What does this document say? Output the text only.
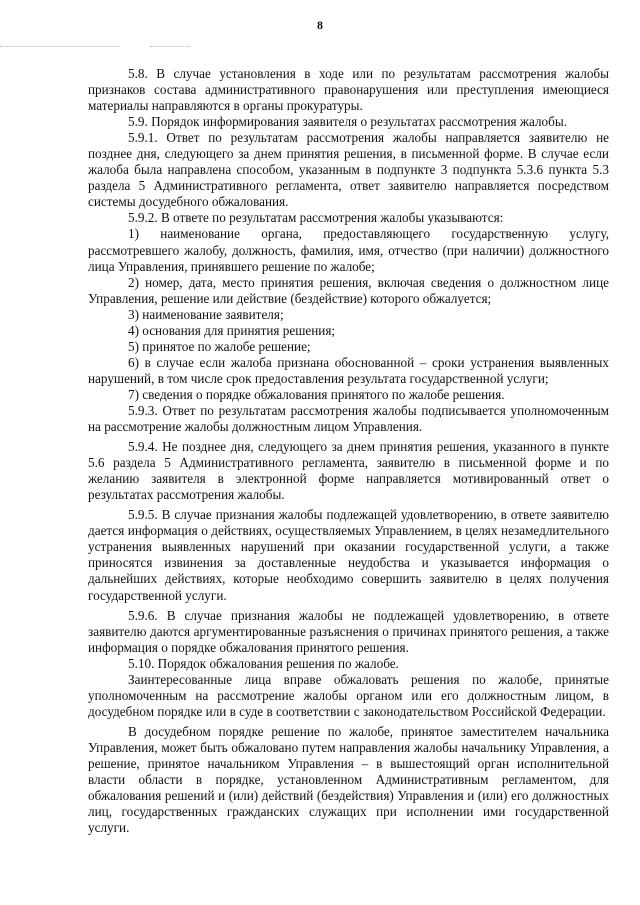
8

5.8. В случае установления в ходе или по результатам рассмотрения жалобы признаков состава административного правонарушения или преступления имеющиеся материалы направляются в органы прокуратуры.

5.9. Порядок информирования заявителя о результатах рассмотрения жалобы.

5.9.1. Ответ по результатам рассмотрения жалобы направляется заявителю не позднее дня, следующего за днем принятия решения, в письменной форме. В случае если жалоба была направлена способом, указанным в подпункте 3 подпункта 5.3.6 пункта 5.3 раздела 5 Административного регламента, ответ заявителю направляется посредством системы досудебного обжалования.

5.9.2. В ответе по результатам рассмотрения жалобы указываются:

1) наименование органа, предоставляющего государственную услугу, рассмотревшего жалобу, должность, фамилия, имя, отчество (при наличии) должностного лица Управления, принявшего решение по жалобе;

2) номер, дата, место принятия решения, включая сведения о должностном лице Управления, решение или действие (бездействие) которого обжалуется;

3) наименование заявителя;

4) основания для принятия решения;

5) принятое по жалобе решение;

6) в случае если жалоба признана обоснованной – сроки устранения выявленных нарушений, в том числе срок предоставления результата государственной услуги;

7) сведения о порядке обжалования принятого по жалобе решения.

5.9.3. Ответ по результатам рассмотрения жалобы подписывается уполномоченным на рассмотрение жалобы должностным лицом Управления.

5.9.4. Не позднее дня, следующего за днем принятия решения, указанного в пункте 5.6 раздела 5 Административного регламента, заявителю в письменной форме и по желанию заявителя в электронной форме направляется мотивированный ответ о результатах рассмотрения жалобы.

5.9.5. В случае признания жалобы подлежащей удовлетворению, в ответе заявителю дается информация о действиях, осуществляемых Управлением, в целях незамедлительного устранения выявленных нарушений при оказании государственной услуги, а также приносятся извинения за доставленные неудобства и указывается информация о дальнейших действиях, которые необходимо совершить заявителю в целях получения государственной услуги.

5.9.6. В случае признания жалобы не подлежащей удовлетворению, в ответе заявителю даются аргументированные разъяснения о причинах принятого решения, а также информация о порядке обжалования принятого решения.

5.10. Порядок обжалования решения по жалобе.

Заинтересованные лица вправе обжаловать решения по жалобе, принятые уполномоченным на рассмотрение жалобы органом или его должностным лицом, в досудебном порядке или в суде в соответствии с законодательством Российской Федерации.

В досудебном порядке решение по жалобе, принятое заместителем начальника Управления, может быть обжаловано путем направления жалобы начальнику Управления, а решение, принятое начальником Управления – в вышестоящий орган исполнительной власти области в порядке, установленном Административным регламентом, для обжалования решений и (или) действий (бездействия) Управления и (или) его должностных лиц, государственных гражданских служащих при исполнении ими государственной услуги.
